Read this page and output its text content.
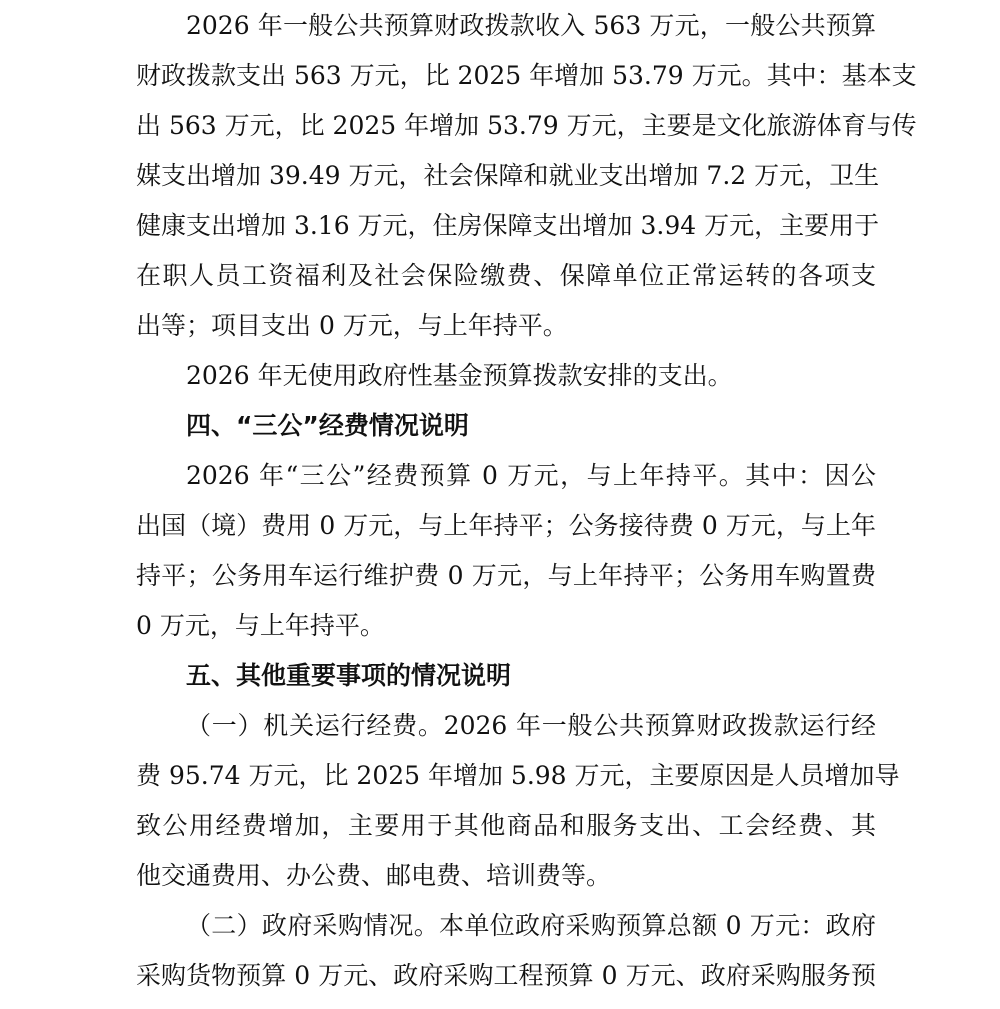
2026 年一般公共预算财政拨款收入 563 万元，一般公共预算
财政拨款支出 563 万元，比 2025 年增加 53.79 万元。其中：基本支
出 563 万元，比 2025 年增加 53.79 万元，主要是文化旅游体育与传
媒支出增加 39.49 万元，社会保障和就业支出增加 7.2 万元，卫生
健康支出增加 3.16 万元，住房保障支出增加 3.94 万元，主要用于
在职人员工资福利及社会保险缴费、保障单位正常运转的各项支
出等；项目支出 0 万元，与上年持平。
2026 年无使用政府性基金预算拨款安排的支出。
四、“三公”经费情况说明
2026 年“三公”经费预算 0 万元，与上年持平。其中：因公
出国（境）费用 0 万元，与上年持平；公务接待费 0 万元，与上年
持平；公务用车运行维护费 0 万元，与上年持平；公务用车购置费
0 万元，与上年持平。
五、其他重要事项的情况说明
（一）机关运行经费。2026 年一般公共预算财政拨款运行经
费 95.74 万元，比 2025 年增加 5.98 万元，主要原因是人员增加导
致公用经费增加，主要用于其他商品和服务支出、工会经费、其
他交通费用、办公费、邮电费、培训费等。
（二）政府采购情况。本单位政府采购预算总额 0 万元：政府
采购货物预算 0 万元、政府采购工程预算 0 万元、政府采购服务预
